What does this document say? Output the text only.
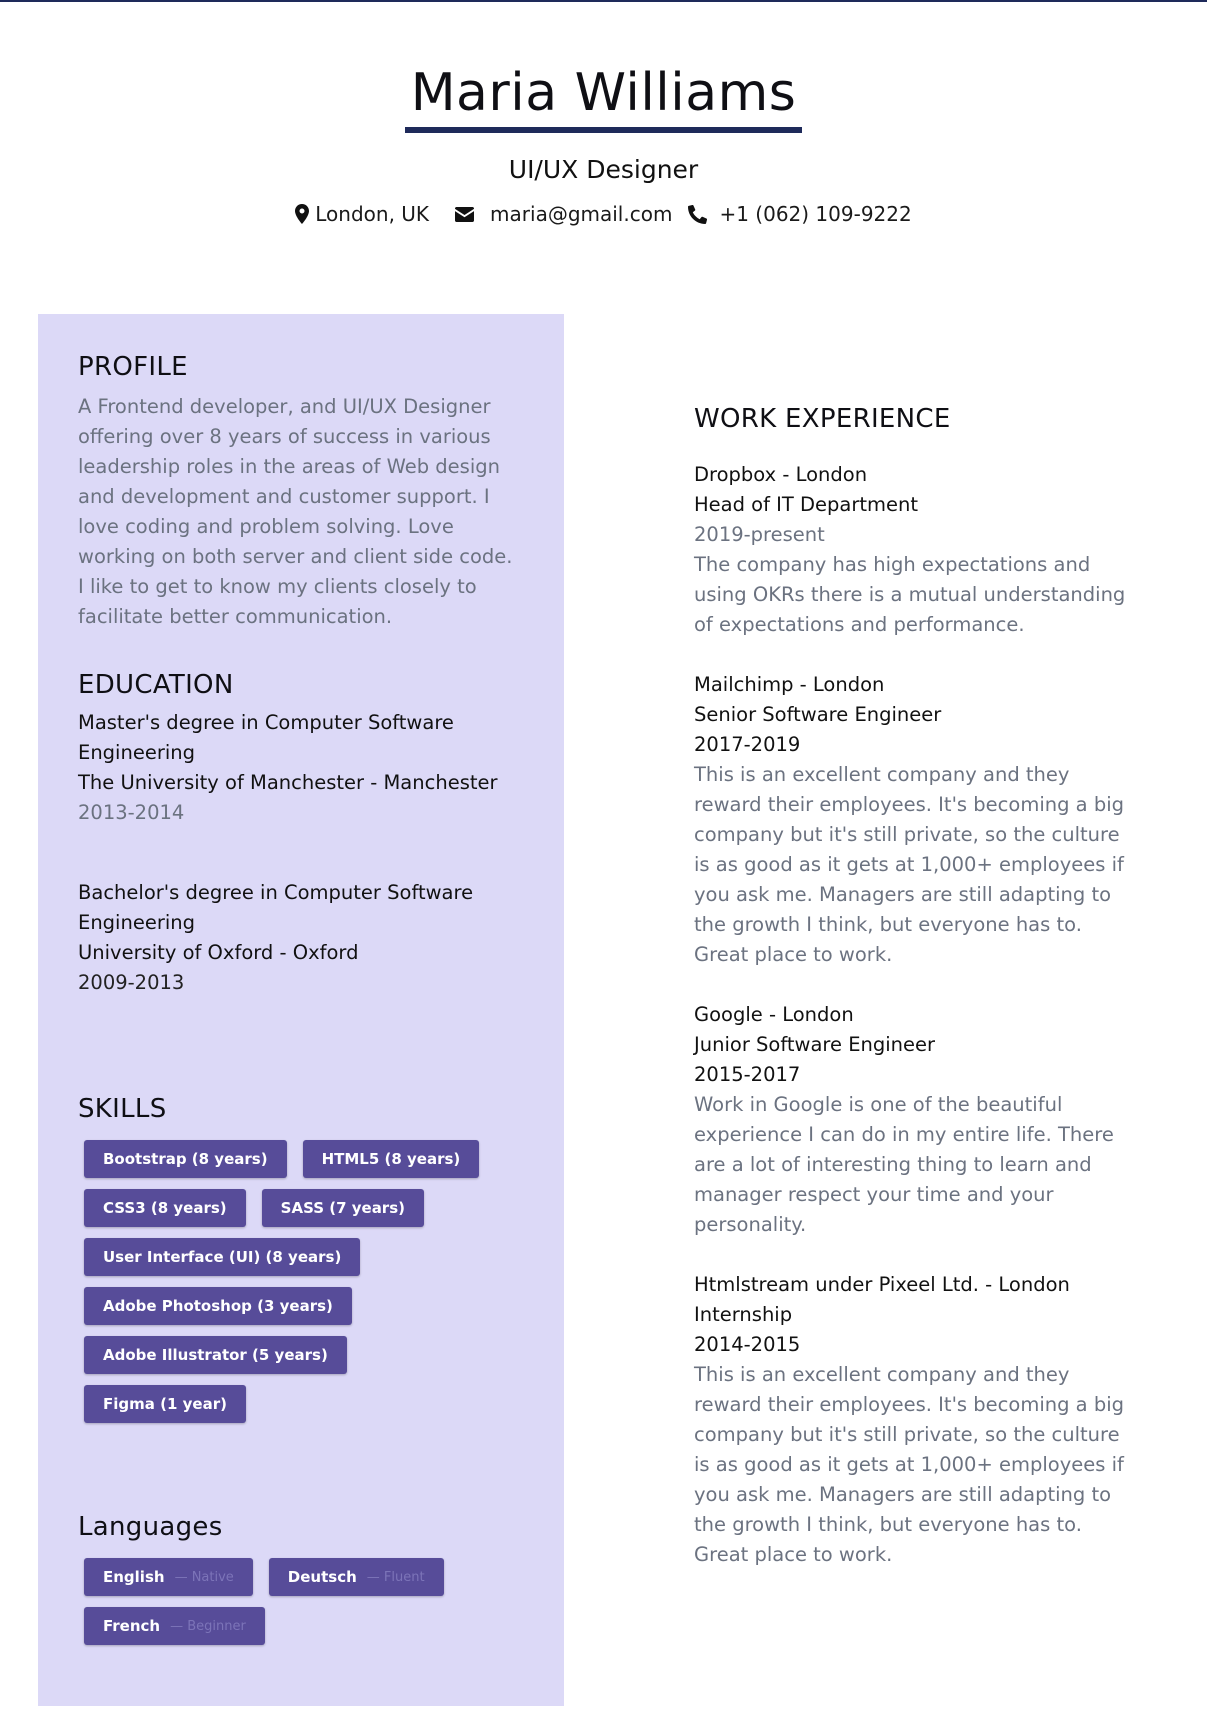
Maria Williams
UI/UX Designer
London, UK	maria@gmail.com +1 (062) 109-9222
PROFILE

A Frontend developer, and UI/UX Designer offering over 8 years of success in various leadership roles in the areas of Web design and development and customer support. I love coding and problem solving. Love working on both server and client side code. I like to get to know my clients closely to facilitate better communication.

EDUCATION
Master's degree in Computer Software Engineering
The University of Manchester - Manchester
2013-2014
Bachelor's degree in Computer Software Engineering
University of Oxford - Oxford
2009-2013
SKILLS
Bootstrap (8 years)	HTML5 (8 years)
CSS3 (8 years)	SASS (7 years)
User Interface (UI) (8 years)
Adobe Photoshop (3 years)
Adobe Illustrator (5 years)
Figma (1 year)
Languages
English — Native	Deutsch — Fluent
French — Beginner
WORK EXPERIENCE
Dropbox - London
Head of IT Department
2019-present
The company has high expectations and using OKRs there is a mutual understanding of expectations and performance.
Mailchimp - London
Senior Software Engineer
2017-2019
This is an excellent company and they reward their employees. It's becoming a big company but it's still private, so the culture is as good as it gets at 1,000+ employees if you ask me. Managers are still adapting to the growth I think, but everyone has to. Great place to work.
Google - London
Junior Software Engineer
2015-2017
Work in Google is one of the beautiful experience I can do in my entire life. There are a lot of interesting thing to learn and manager respect your time and your personality.
Htmlstream under Pixeel Ltd. - London
Internship
2014-2015
This is an excellent company and they reward their employees. It's becoming a big company but it's still private, so the culture is as good as it gets at 1,000+ employees if you ask me. Managers are still adapting to the growth I think, but everyone has to. Great place to work.
